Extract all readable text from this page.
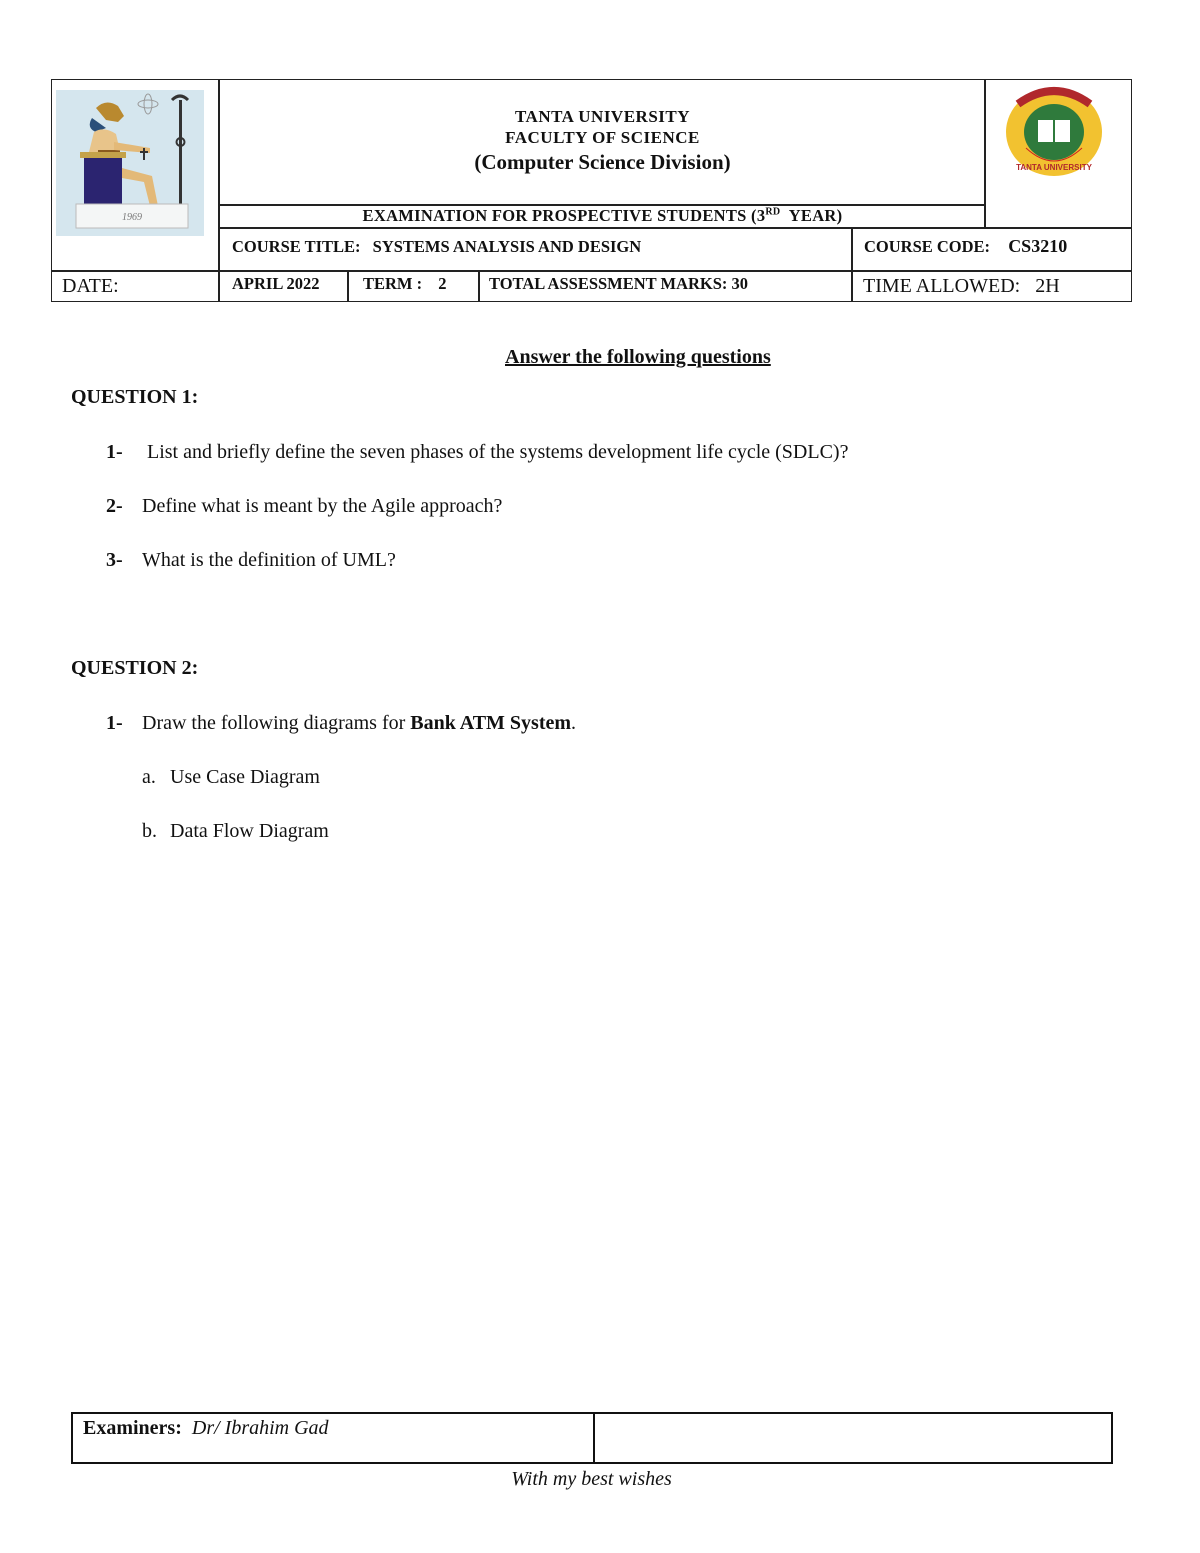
1969
TANTA UNIVERSITY
TANTA UNIVERSITY
FACULTY OF SCIENCE
(Computer Science Division)
EXAMINATION FOR PROSPECTIVE STUDENTS (3RD  YEAR)
COURSE TITLE: SYSTEMS ANALYSIS AND DESIGN	COURSE CODE: CS3210
DATE:	APRIL 2022	TERM : 2	TOTAL ASSESSMENT MARKS: 30	TIME ALLOWED: 2H
Answer the following questions
QUESTION 1:
1- List and briefly define the seven phases of the systems development life cycle (SDLC)?
2- Define what is meant by the Agile approach?
3- What is the definition of UML?
QUESTION 2:
1- Draw the following diagrams for Bank ATM System.
a. Use Case Diagram
b. Data Flow Diagram
Examiners: Dr/ Ibrahim Gad
With my best wishes
